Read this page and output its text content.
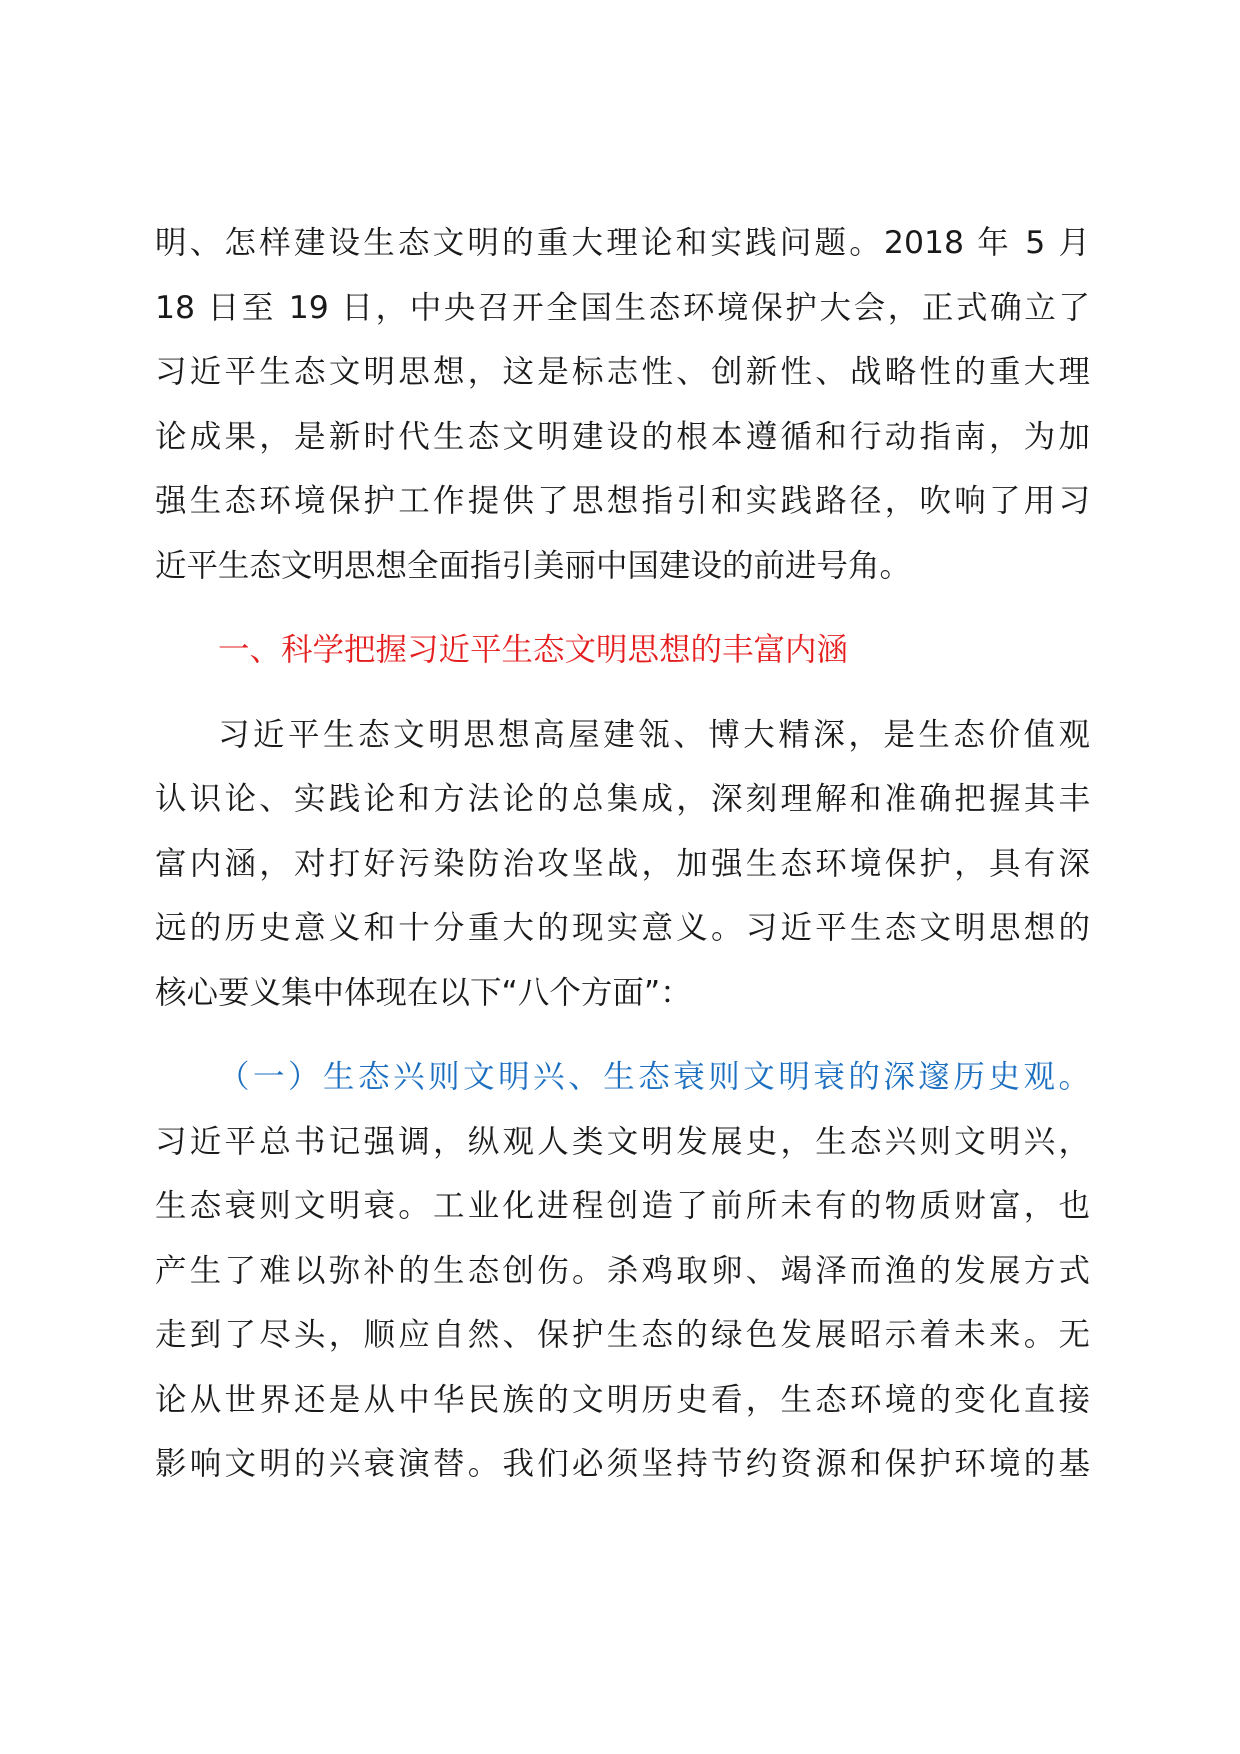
明、怎样建设生态文明的重大理论和实践问题。2018 年 5 月
18 日至 19 日，中央召开全国生态环境保护大会，正式确立了
习近平生态文明思想，这是标志性、创新性、战略性的重大理
论成果，是新时代生态文明建设的根本遵循和行动指南，为加
强生态环境保护工作提供了思想指引和实践路径，吹响了用习
近平生态文明思想全面指引美丽中国建设的前进号角。
一、科学把握习近平生态文明思想的丰富内涵
习近平生态文明思想高屋建瓴、博大精深，是生态价值观
认识论、实践论和方法论的总集成，深刻理解和准确把握其丰
富内涵，对打好污染防治攻坚战，加强生态环境保护，具有深
远的历史意义和十分重大的现实意义。习近平生态文明思想的
核心要义集中体现在以下“八个方面”：
（一）生态兴则文明兴、生态衰则文明衰的深邃历史观。
习近平总书记强调，纵观人类文明发展史，生态兴则文明兴，
生态衰则文明衰。工业化进程创造了前所未有的物质财富，也
产生了难以弥补的生态创伤。杀鸡取卵、竭泽而渔的发展方式
走到了尽头，顺应自然、保护生态的绿色发展昭示着未来。无
论从世界还是从中华民族的文明历史看，生态环境的变化直接
影响文明的兴衰演替。我们必须坚持节约资源和保护环境的基
